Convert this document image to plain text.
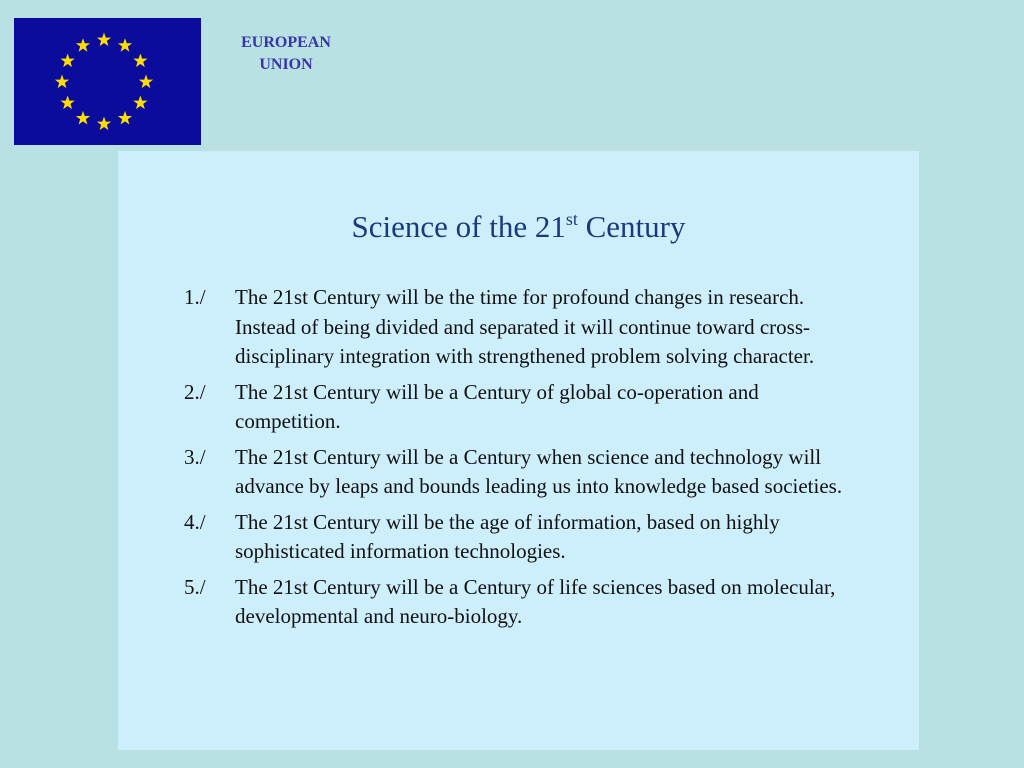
EUROPEAN
UNION
Science of the 21st Century
1./	The 21st Century will be the time for profound changes in research. Instead of being divided and separated it will continue toward cross-disciplinary integration with strengthened problem solving character.
2./	The 21st Century will be a Century of global co-operation and competition.
3./	The 21st Century will be a Century when science and technology will advance by leaps and bounds leading us into knowledge based societies.
4./	The 21st Century will be the age of information, based on highly sophisticated information technologies.
5./	The 21st Century will be a Century of life sciences based on molecular, developmental and neuro-biology.
